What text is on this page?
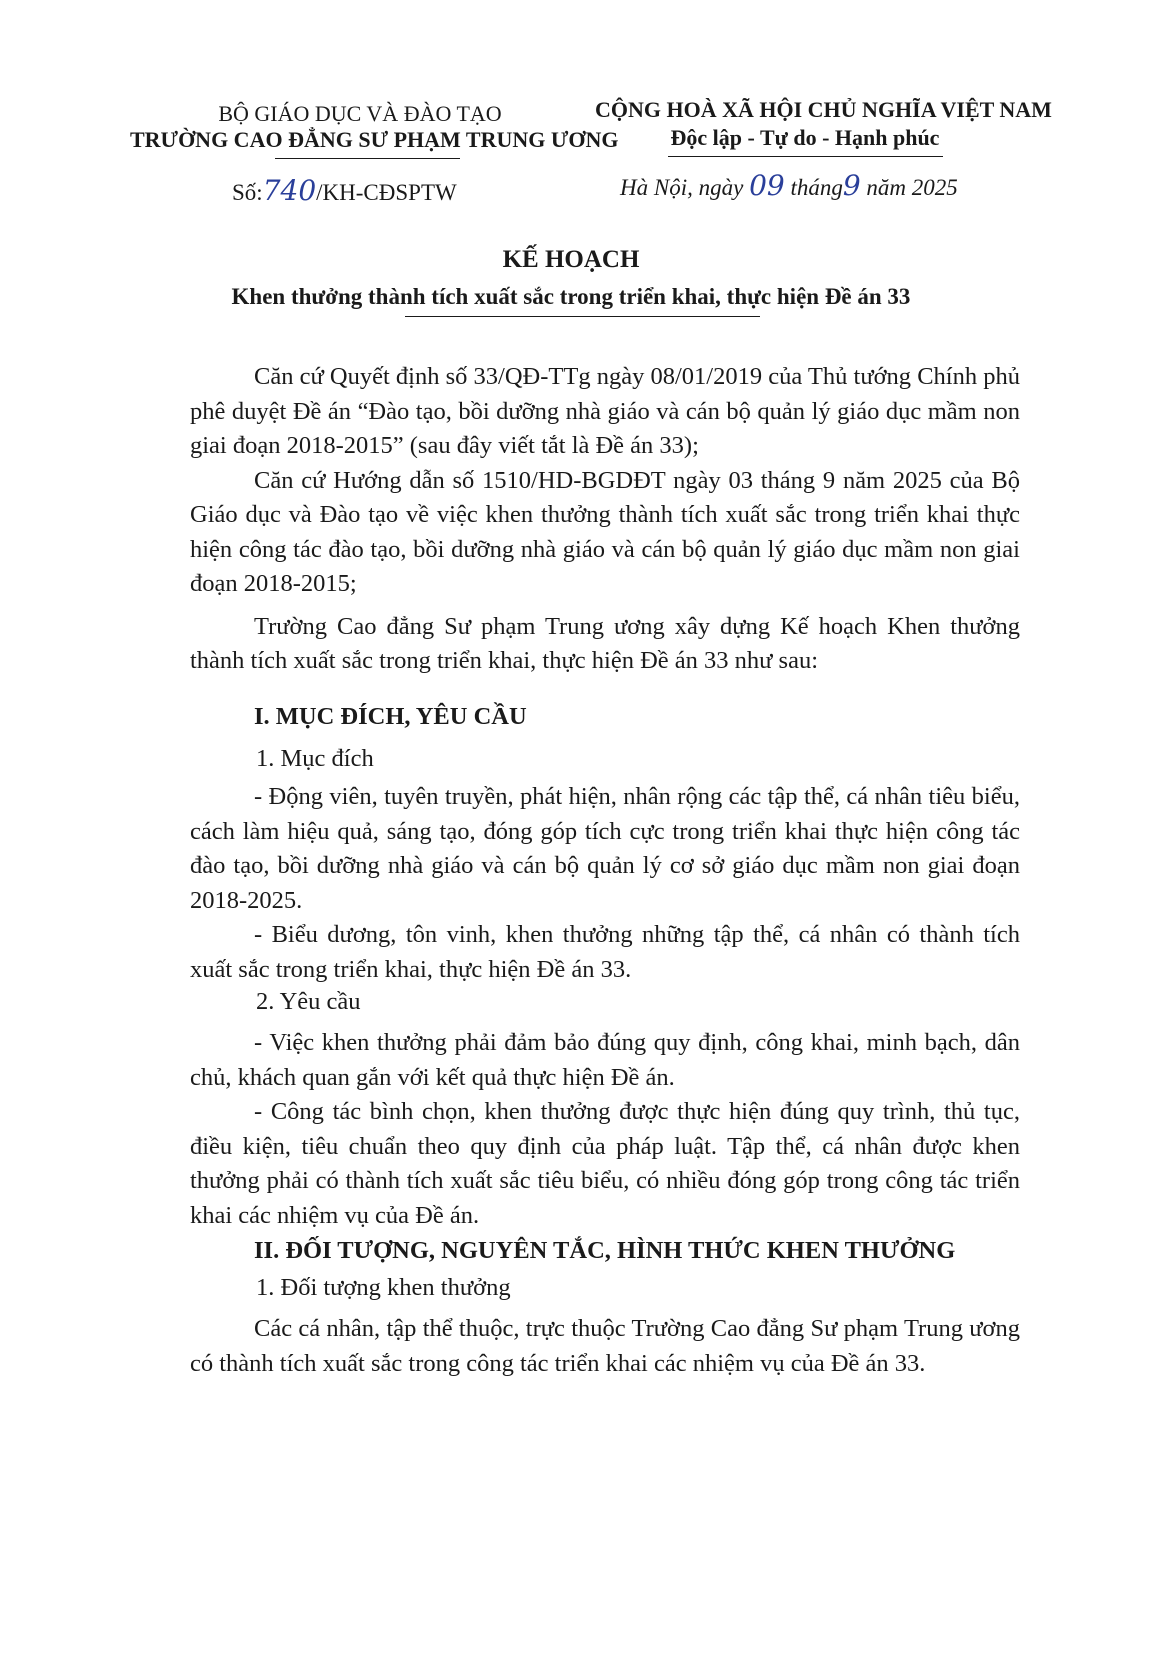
BỘ GIÁO DỤC VÀ ĐÀO TẠO
TRƯỜNG CAO ĐẲNG SƯ PHẠM TRUNG ƯƠNG
CỘNG HOÀ XÃ HỘI CHỦ NGHĨA VIỆT NAM
Độc lập - Tự do - Hạnh phúc
Số:740/KH-CĐSPTW	Hà Nội, ngày 09 tháng9 năm 2025
KẾ HOẠCH
Khen thưởng thành tích xuất sắc trong triển khai, thực hiện Đề án 33

Căn cứ Quyết định số 33/QĐ-TTg ngày 08/01/2019 của Thủ tướng Chính phủ phê duyệt Đề án “Đào tạo, bồi dưỡng nhà giáo và cán bộ quản lý giáo dục mầm non giai đoạn 2018-2015” (sau đây viết tắt là Đề án 33);

Căn cứ Hướng dẫn số 1510/HD-BGDĐT ngày 03 tháng 9 năm 2025 của Bộ Giáo dục và Đào tạo về việc khen thưởng thành tích xuất sắc trong triển khai thực hiện công tác đào tạo, bồi dưỡng nhà giáo và cán bộ quản lý giáo dục mầm non giai đoạn 2018-2015;

Trường Cao đẳng Sư phạm Trung ương xây dựng Kế hoạch Khen thưởng thành tích xuất sắc trong triển khai, thực hiện Đề án 33 như sau:

I. MỤC ĐÍCH, YÊU CẦU
1. Mục đích

- Động viên, tuyên truyền, phát hiện, nhân rộng các tập thể, cá nhân tiêu biểu, cách làm hiệu quả, sáng tạo, đóng góp tích cực trong triển khai thực hiện công tác đào tạo, bồi dưỡng nhà giáo và cán bộ quản lý cơ sở giáo dục mầm non giai đoạn 2018-2025.

- Biểu dương, tôn vinh, khen thưởng những tập thể, cá nhân có thành tích xuất sắc trong triển khai, thực hiện Đề án 33.

2. Yêu cầu

- Việc khen thưởng phải đảm bảo đúng quy định, công khai, minh bạch, dân chủ, khách quan gắn với kết quả thực hiện Đề án.

- Công tác bình chọn, khen thưởng được thực hiện đúng quy trình, thủ tục, điều kiện, tiêu chuẩn theo quy định của pháp luật. Tập thể, cá nhân được khen thưởng phải có thành tích xuất sắc tiêu biểu, có nhiều đóng góp trong công tác triển khai các nhiệm vụ của Đề án.

II. ĐỐI TƯỢNG, NGUYÊN TẮC, HÌNH THỨC KHEN THƯỞNG
1. Đối tượng khen thưởng

Các cá nhân, tập thể thuộc, trực thuộc Trường Cao đẳng Sư phạm Trung ương có thành tích xuất sắc trong công tác triển khai các nhiệm vụ của Đề án 33.
